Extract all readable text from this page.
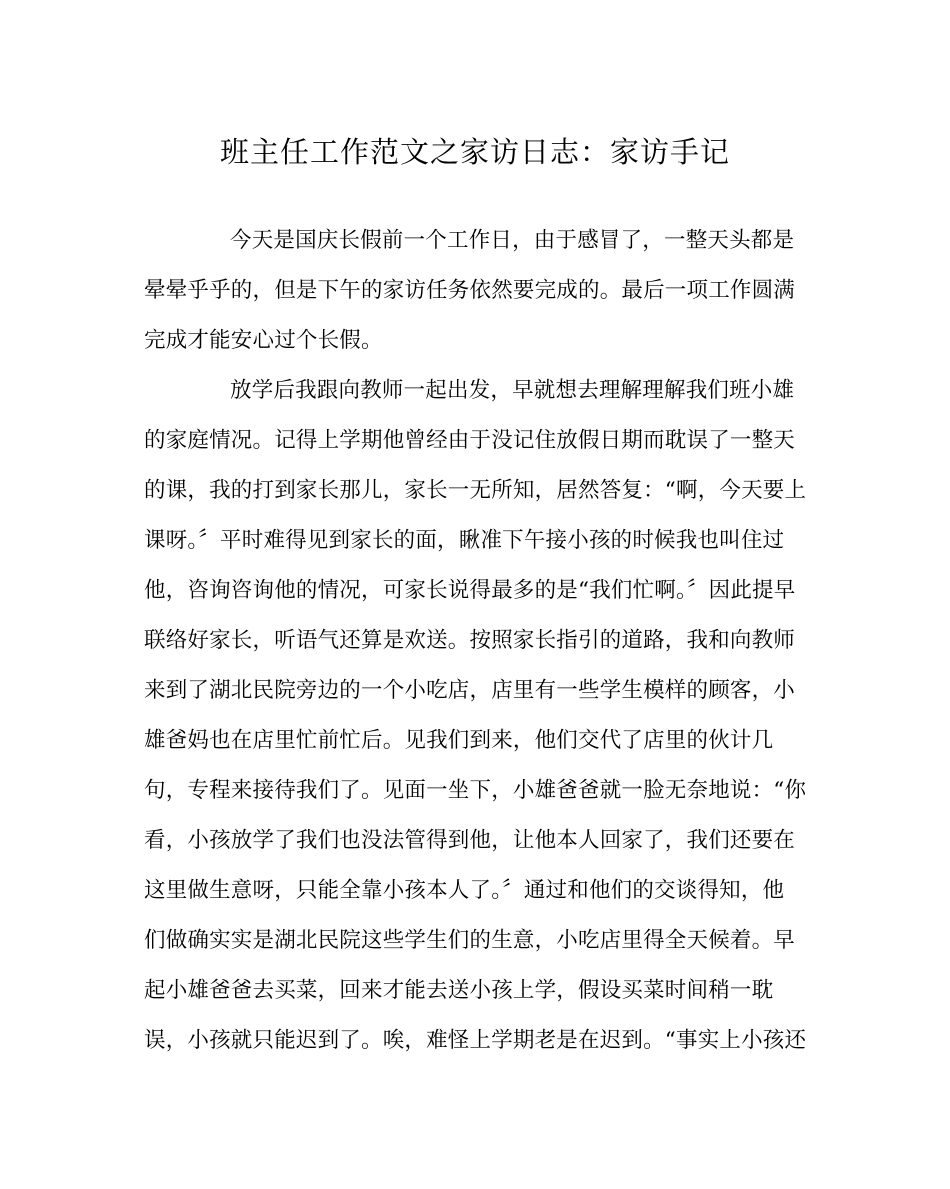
班主任工作范文之家访日志：家访手记
今天是国庆长假前一个工作日，由于感冒了，一整天头都是
晕晕乎乎的，但是下午的家访任务依然要完成的。最后一项工作圆满
完成才能安心过个长假。
放学后我跟向教师一起出发，早就想去理解理解我们班小雄
的家庭情况。记得上学期他曾经由于没记住放假日期而耽误了一整天
的课，我的打到家长那儿，家长一无所知，居然答复：“啊，今天要上
课呀。〞平时难得见到家长的面，瞅准下午接小孩的时候我也叫住过
他，咨询咨询他的情况，可家长说得最多的是“我们忙啊。〞因此提早
联络好家长，听语气还算是欢送。按照家长指引的道路，我和向教师
来到了湖北民院旁边的一个小吃店，店里有一些学生模样的顾客，小
雄爸妈也在店里忙前忙后。见我们到来，他们交代了店里的伙计几
句，专程来接待我们了。见面一坐下，小雄爸爸就一脸无奈地说：“你
看，小孩放学了我们也没法管得到他，让他本人回家了，我们还要在
这里做生意呀，只能全靠小孩本人了。〞通过和他们的交谈得知，他
们做确实实是湖北民院这些学生们的生意，小吃店里得全天候着。早
起小雄爸爸去买菜，回来才能去送小孩上学，假设买菜时间稍一耽
误，小孩就只能迟到了。唉，难怪上学期老是在迟到。“事实上小孩还
